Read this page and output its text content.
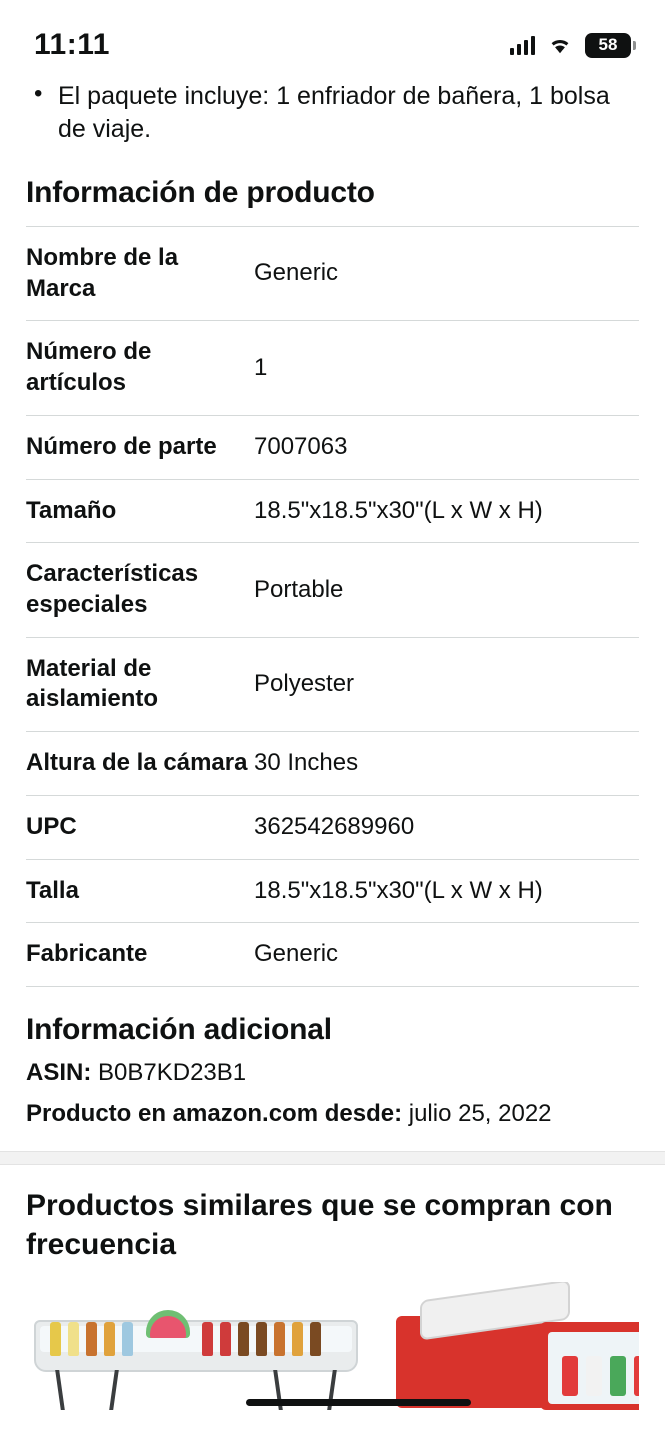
11:11	58
• El paquete incluye: 1 enfriador de bañera, 1 bolsa de viaje.
Información de producto
Nombre de la Marca	Generic
Número de artículos	1
Número de parte	7007063
Tamaño	18.5"x18.5"x30"(L x W x H)
Características especiales	Portable
Material de aislamiento	Polyester
Altura de la cámara	30 Inches
UPC	362542689960
Talla	18.5"x18.5"x30"(L x W x H)
Fabricante	Generic
Información adicional
ASIN: B0B7KD23B1
Producto en amazon.com desde: julio 25, 2022
Productos similares que se compran con frecuencia
